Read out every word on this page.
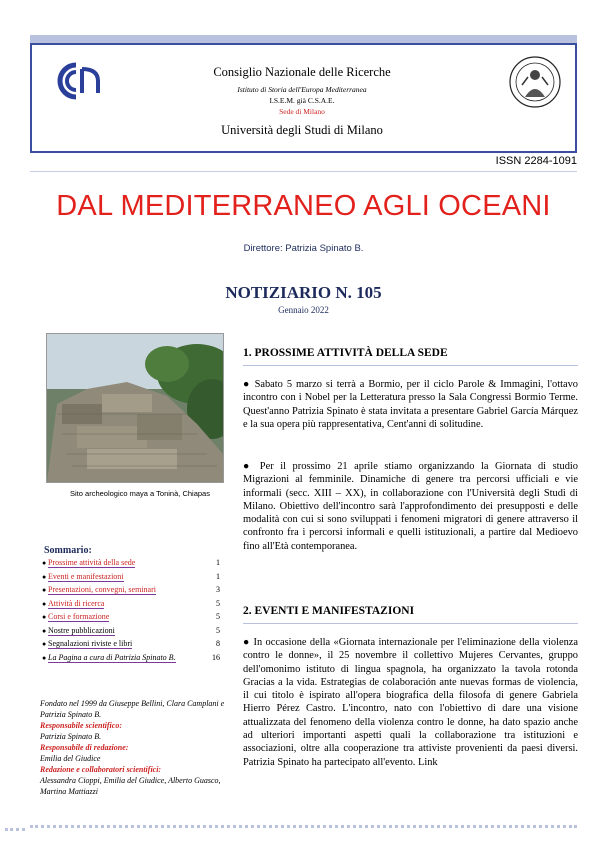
Consiglio Nazionale delle Ricerche
Istituto di Storia dell'Europa Mediterranea
I.S.E.M. già C.S.A.E.
Sede di Milano
Università degli Studi di Milano
ISSN 2284-1091
DAL MEDITERRANEO AGLI OCEANI
Direttore: Patrizia Spinato B.
NOTIZIARIO N. 105
Gennaio 2022
Sito archeologico maya a Toninà, Chiapas
Sommario:
● Prossime attività della sede	1
● Eventi e manifestazioni	1
● Presentazioni, convegni, seminari	3
● Attività di ricerca	5
● Corsi e formazione	5
● Nostre pubblicazioni	5
● Segnalazioni riviste e libri	8
● La Pagina a cura di Patrizia Spinato B.	16

Fondato nel 1999 da Giuseppe Bellini, Clara Camplani e Patrizia Spinato B.

Responsabile scientifico:

Patrizia Spinato B.

Responsabile di redazione:

Emilia del Giudice

Redazione e collaboratori scientifici:

Alessandra Cioppi, Emilia del Giudice, Alberto Guasco, Martina Mattiazzi

1. PROSSIME ATTIVITÀ DELLA SEDE

● Sabato 5 marzo si terrà a Bormio, per il ciclo Parole & Immagini, l'ottavo incontro con i Nobel per la Letteratura presso la Sala Congressi Bormio Terme. Quest'anno Patrizia Spinato è stata invitata a presentare Gabriel García Márquez e la sua opera più rappresentativa, Cent'anni di solitudine.

● Per il prossimo 21 aprile stiamo organizzando la Giornata di studio Migrazioni al femminile. Dinamiche di genere tra percorsi ufficiali e vie informali (secc. XIII – XX), in collaborazione con l'Università degli Studi di Milano. Obiettivo dell'incontro sarà l'approfondimento dei presupposti e delle modalità con cui si sono sviluppati i fenomeni migratori di genere attraverso il confronto fra i percorsi informali e quelli istituzionali, a partire dal Medioevo fino all'Età contemporanea.

2. EVENTI E MANIFESTAZIONI

● In occasione della «Giornata internazionale per l'eliminazione della violenza contro le donne», il 25 novembre il collettivo Mujeres Cervantes, gruppo dell'omonimo istituto di lingua spagnola, ha organizzato la tavola rotonda Gracias a la vida. Estrategias de colaboración ante nuevas formas de violencia, il cui titolo è ispirato all'opera biografica della filosofa di genere Gabriela Hierro Pérez Castro. L'incontro, nato con l'obiettivo di dare una visione attualizzata del fenomeno della violenza contro le donne, ha dato spazio anche ad ulteriori importanti aspetti quali la collaborazione tra istituzioni e associazioni, oltre alla cooperazione tra attiviste provenienti da paesi diversi. Patrizia Spinato ha partecipato all'evento. Link
